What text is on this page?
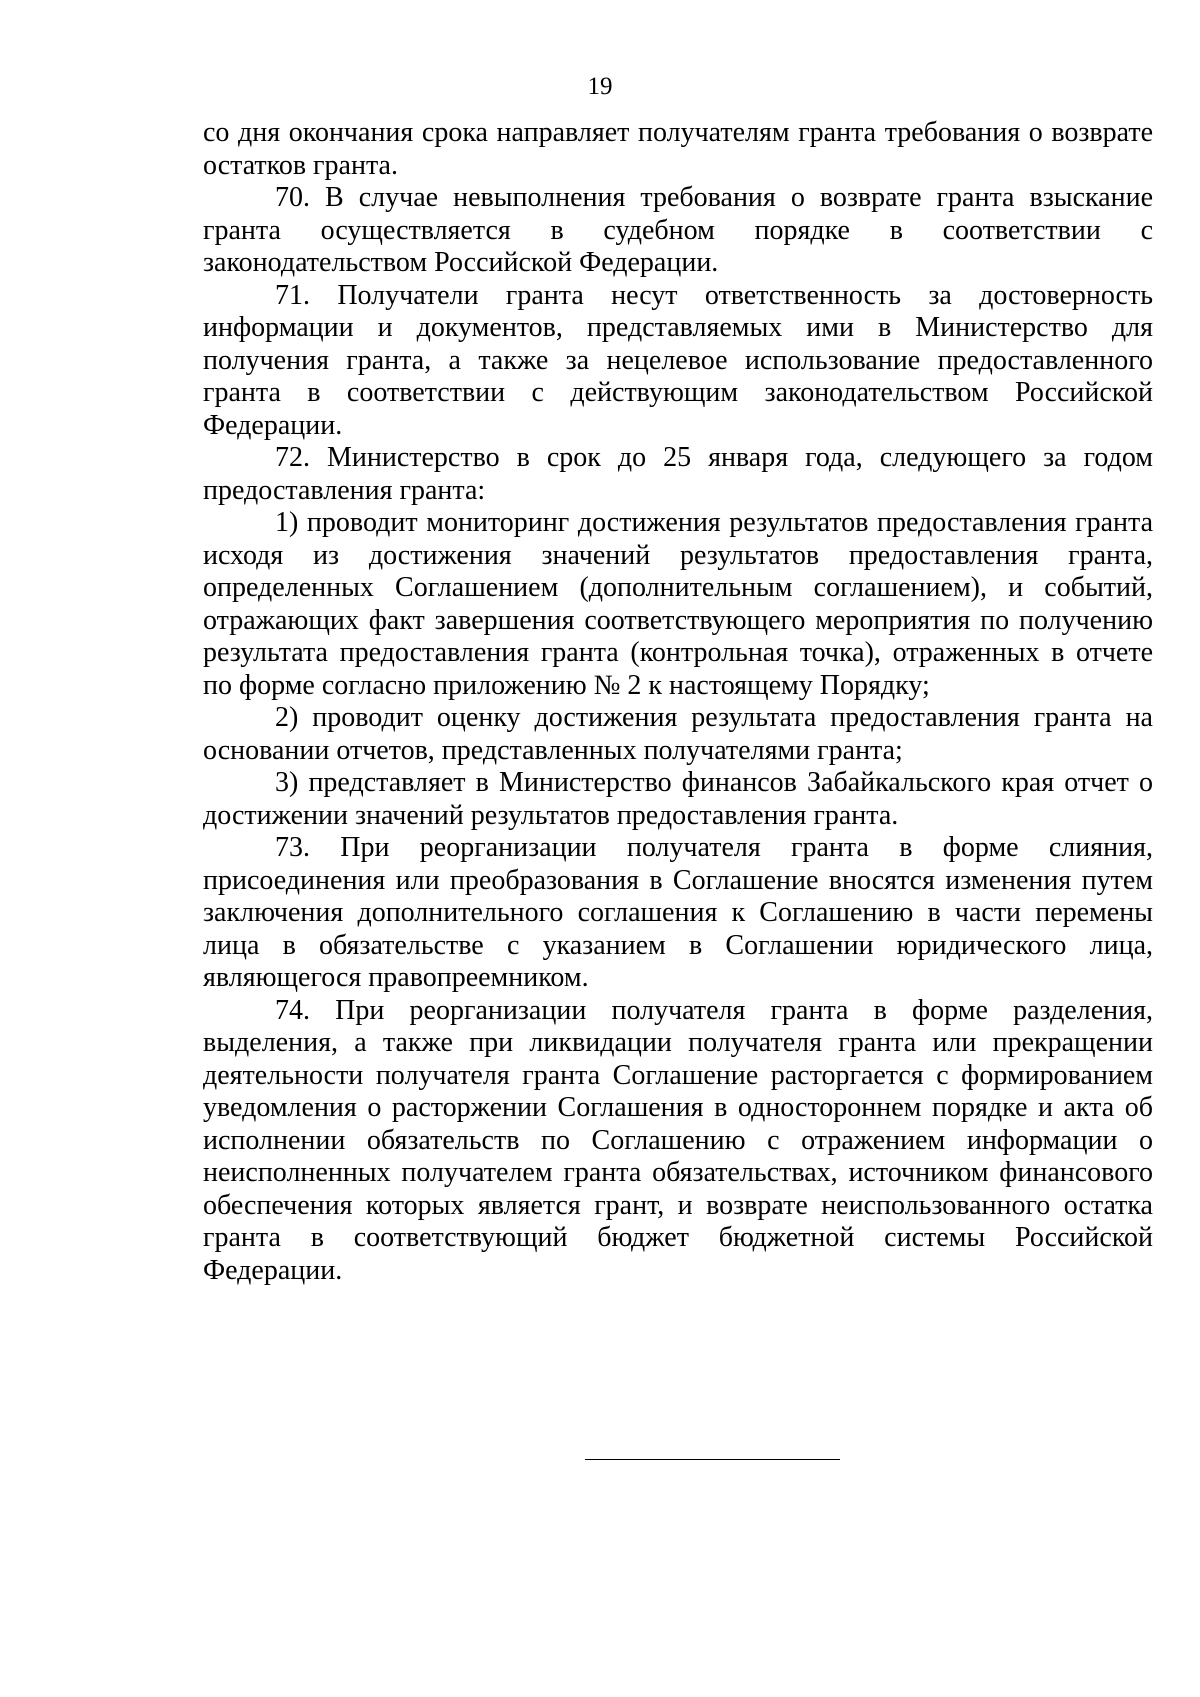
19

со дня окончания срока направляет получателям гранта требования о возврате остатков гранта.

70. В случае невыполнения требования о возврате гранта взыскание гранта осуществляется в судебном порядке в соответствии с законодательством Российской Федерации.

71. Получатели гранта несут ответственность за достоверность информации и документов, представляемых ими в Министерство для получения гранта, а также за нецелевое использование предоставленного гранта в соответствии с действующим законодательством Российской Федерации.

72. Министерство в срок до 25 января года, следующего за годом предоставления гранта:

1) проводит мониторинг достижения результатов предоставления гранта исходя из достижения значений результатов предоставления гранта, определенных Соглашением (дополнительным соглашением), и событий, отражающих факт завершения соответствующего мероприятия по получению результата предоставления гранта (контрольная точка), отраженных в отчете по форме согласно приложению № 2 к настоящему Порядку;

2) проводит оценку достижения результата предоставления гранта на основании отчетов, представленных получателями гранта;

3) представляет в Министерство финансов Забайкальского края отчет о достижении значений результатов предоставления гранта.

73. При реорганизации получателя гранта в форме слияния, присоединения или преобразования в Соглашение вносятся изменения путем заключения дополнительного соглашения к Соглашению в части перемены лица в обязательстве с указанием в Соглашении юридического лица, являющегося правопреемником.

74. При реорганизации получателя гранта в форме разделения, выделения, а также при ликвидации получателя гранта или прекращении деятельности получателя гранта Соглашение расторгается с формированием уведомления о расторжении Соглашения в одностороннем порядке и акта об исполнении обязательств по Соглашению с отражением информации о неисполненных получателем гранта обязательствах, источником финансового обеспечения которых является грант, и возврате неиспользованного остатка гранта в соответствующий бюджет бюджетной системы Российской Федерации.
